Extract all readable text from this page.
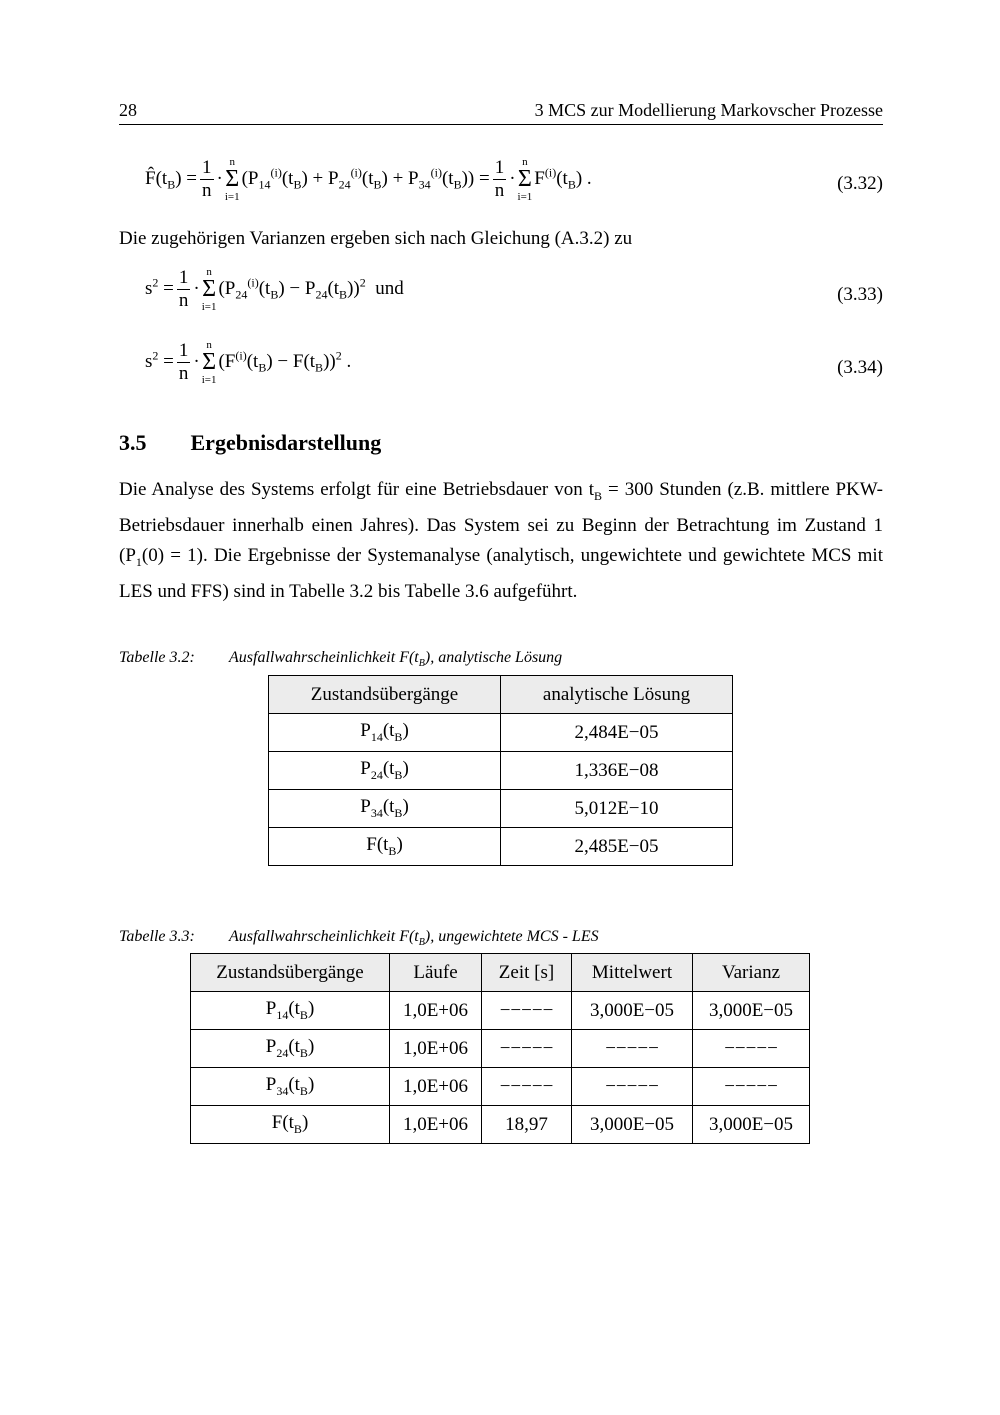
28	3 MCS zur Modellierung Markovscher Prozesse
$F̂(t_B) = \frac{1}{n}$ ·
n
Σ
i=1
$(P_{14}^{(i)}(t_B) + P_{24}^{(i)}(t_B) + P_{34}^{(i)}(t_B)) = \frac{1}{n}$ ·
n
Σ
i=1
$F^{(i)}(t_B)$ .	(3.32)
Die zugehörigen Varianzen ergeben sich nach Gleichung (A.3.2) zu
$s^2 = \frac{1}{n}$ ·
n
Σ
i=1
$(P_{24}^{(i)}(t_B) - P_{24}(t_B))^2$ und	(3.33)
$s^2 = \frac{1}{n}$ ·
n
Σ
i=1
$(F^{(i)}(t_B) - F(t_B))^2$ .	(3.34)
3.5 Ergebnisdarstellung
Die Analyse des Systems erfolgt für eine Betriebsdauer von $t_B = 300$ Stunden (z.B. mittlere PKW-Betriebsdauer innerhalb einen Jahres). Das System sei zu Beginn der Betrachtung im Zustand 1 $(P_1(0) = 1)$. Die Ergebnisse der Systemanalyse (analytisch, ungewichtete und gewichtete MCS mit LES und FFS) sind in Tabelle 3.2 bis Tabelle 3.6 aufgeführt.
Tabelle 3.2: Ausfallwahrscheinlichkeit $F(t_B)$, analytische Lösung
Zustandsübergänge	analytische Lösung
$P_{14}(t_B)$	2,484E−05
$P_{24}(t_B)$	1,336E−08
$P_{34}(t_B)$	5,012E−10
$F(t_B)$	2,485E−05
Tabelle 3.3: Ausfallwahrscheinlichkeit $F(t_B)$, ungewichtete MCS - LES
Zustandsübergänge	Läufe	Zeit [s]	Mittelwert	Varianz
$P_{14}(t_B)$	1,0E+06	−−−−−	3,000E−05	3,000E−05
$P_{24}(t_B)$	1,0E+06	−−−−−	−−−−−	−−−−−
$P_{34}(t_B)$	1,0E+06	−−−−−	−−−−−	−−−−−
$F(t_B)$	1,0E+06	18,97	3,000E−05	3,000E−05
